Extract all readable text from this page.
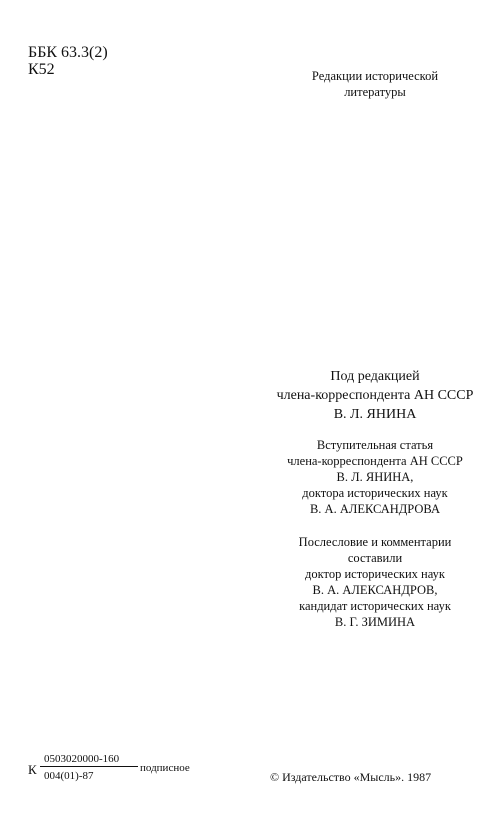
ББК 63.3(2)
К52	Редакции исторической
литературы
Под редакцией
члена-корреспондента АН СССР
В. Л. ЯНИНА
Вступительная статья
члена-корреспондента АН СССР
В. Л. ЯНИНА,
доктора исторических наук
В. А. АЛЕКСАНДРОВА
Послесловие и комментарии
составили
доктор исторических наук
В. А. АЛЕКСАНДРОВ,
кандидат исторических наук
В. Г. ЗИМИНА
К
0503020000-160
004(01)-87
подписное
© Издательство «Мысль». 1987
